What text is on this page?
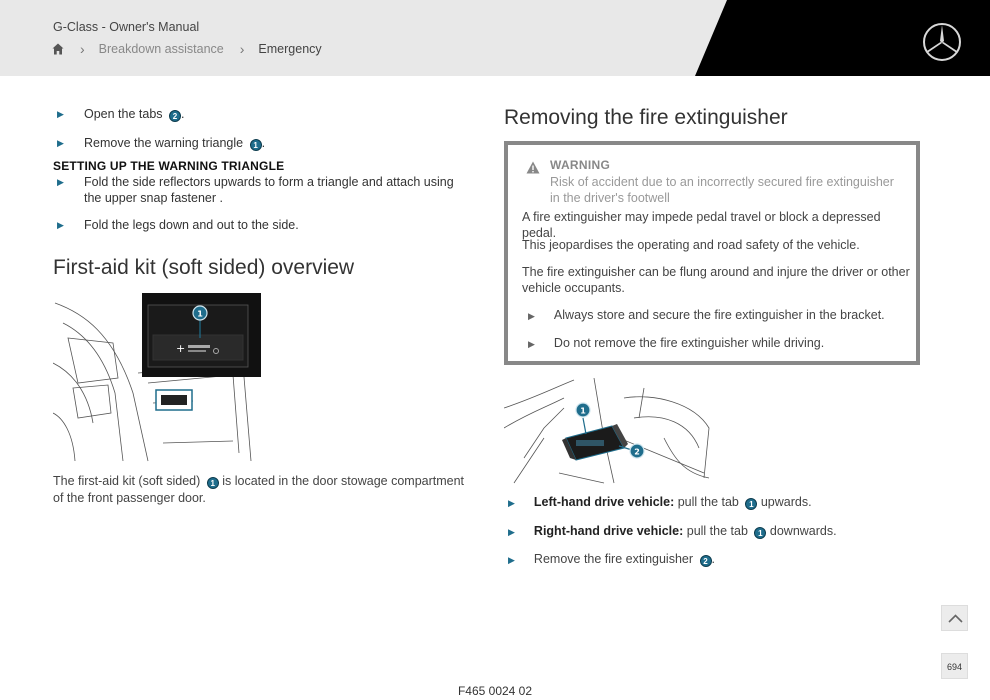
G-Class - Owner's Manual
› Breakdown assistance › Emergency
▶	Open the tabs 2 .
▶	Remove the warning triangle 1 .
SETTING UP THE WARNING TRIANGLE
▶	Fold the side reflectors upwards to form a triangle and attach using the upper snap fastener .
▶	Fold the legs down and out to the side.
First-aid kit (soft sided) overview
+
1
The first-aid kit (soft sided) 1 is located in the door stowage compartment of the front passenger door.
Removing the fire extinguisher
WARNING
Risk of accident due to an incorrectly secured fire extinguisher in the driver's footwell
A fire extinguisher may impede pedal travel or block a depressed pedal.
This jeopardises the operating and road safety of the vehicle.
The fire extinguisher can be flung around and injure the driver or other vehicle occupants.
▶ Always store and secure the fire extinguisher in the bracket.
▶ Do not remove the fire extinguisher while driving.
1
2
▶ Left-hand drive vehicle: pull the tab 1 upwards.
▶ Right-hand drive vehicle: pull the tab 1 downwards.
▶ Remove the fire extinguisher 2 .
694
F465 0024 02
